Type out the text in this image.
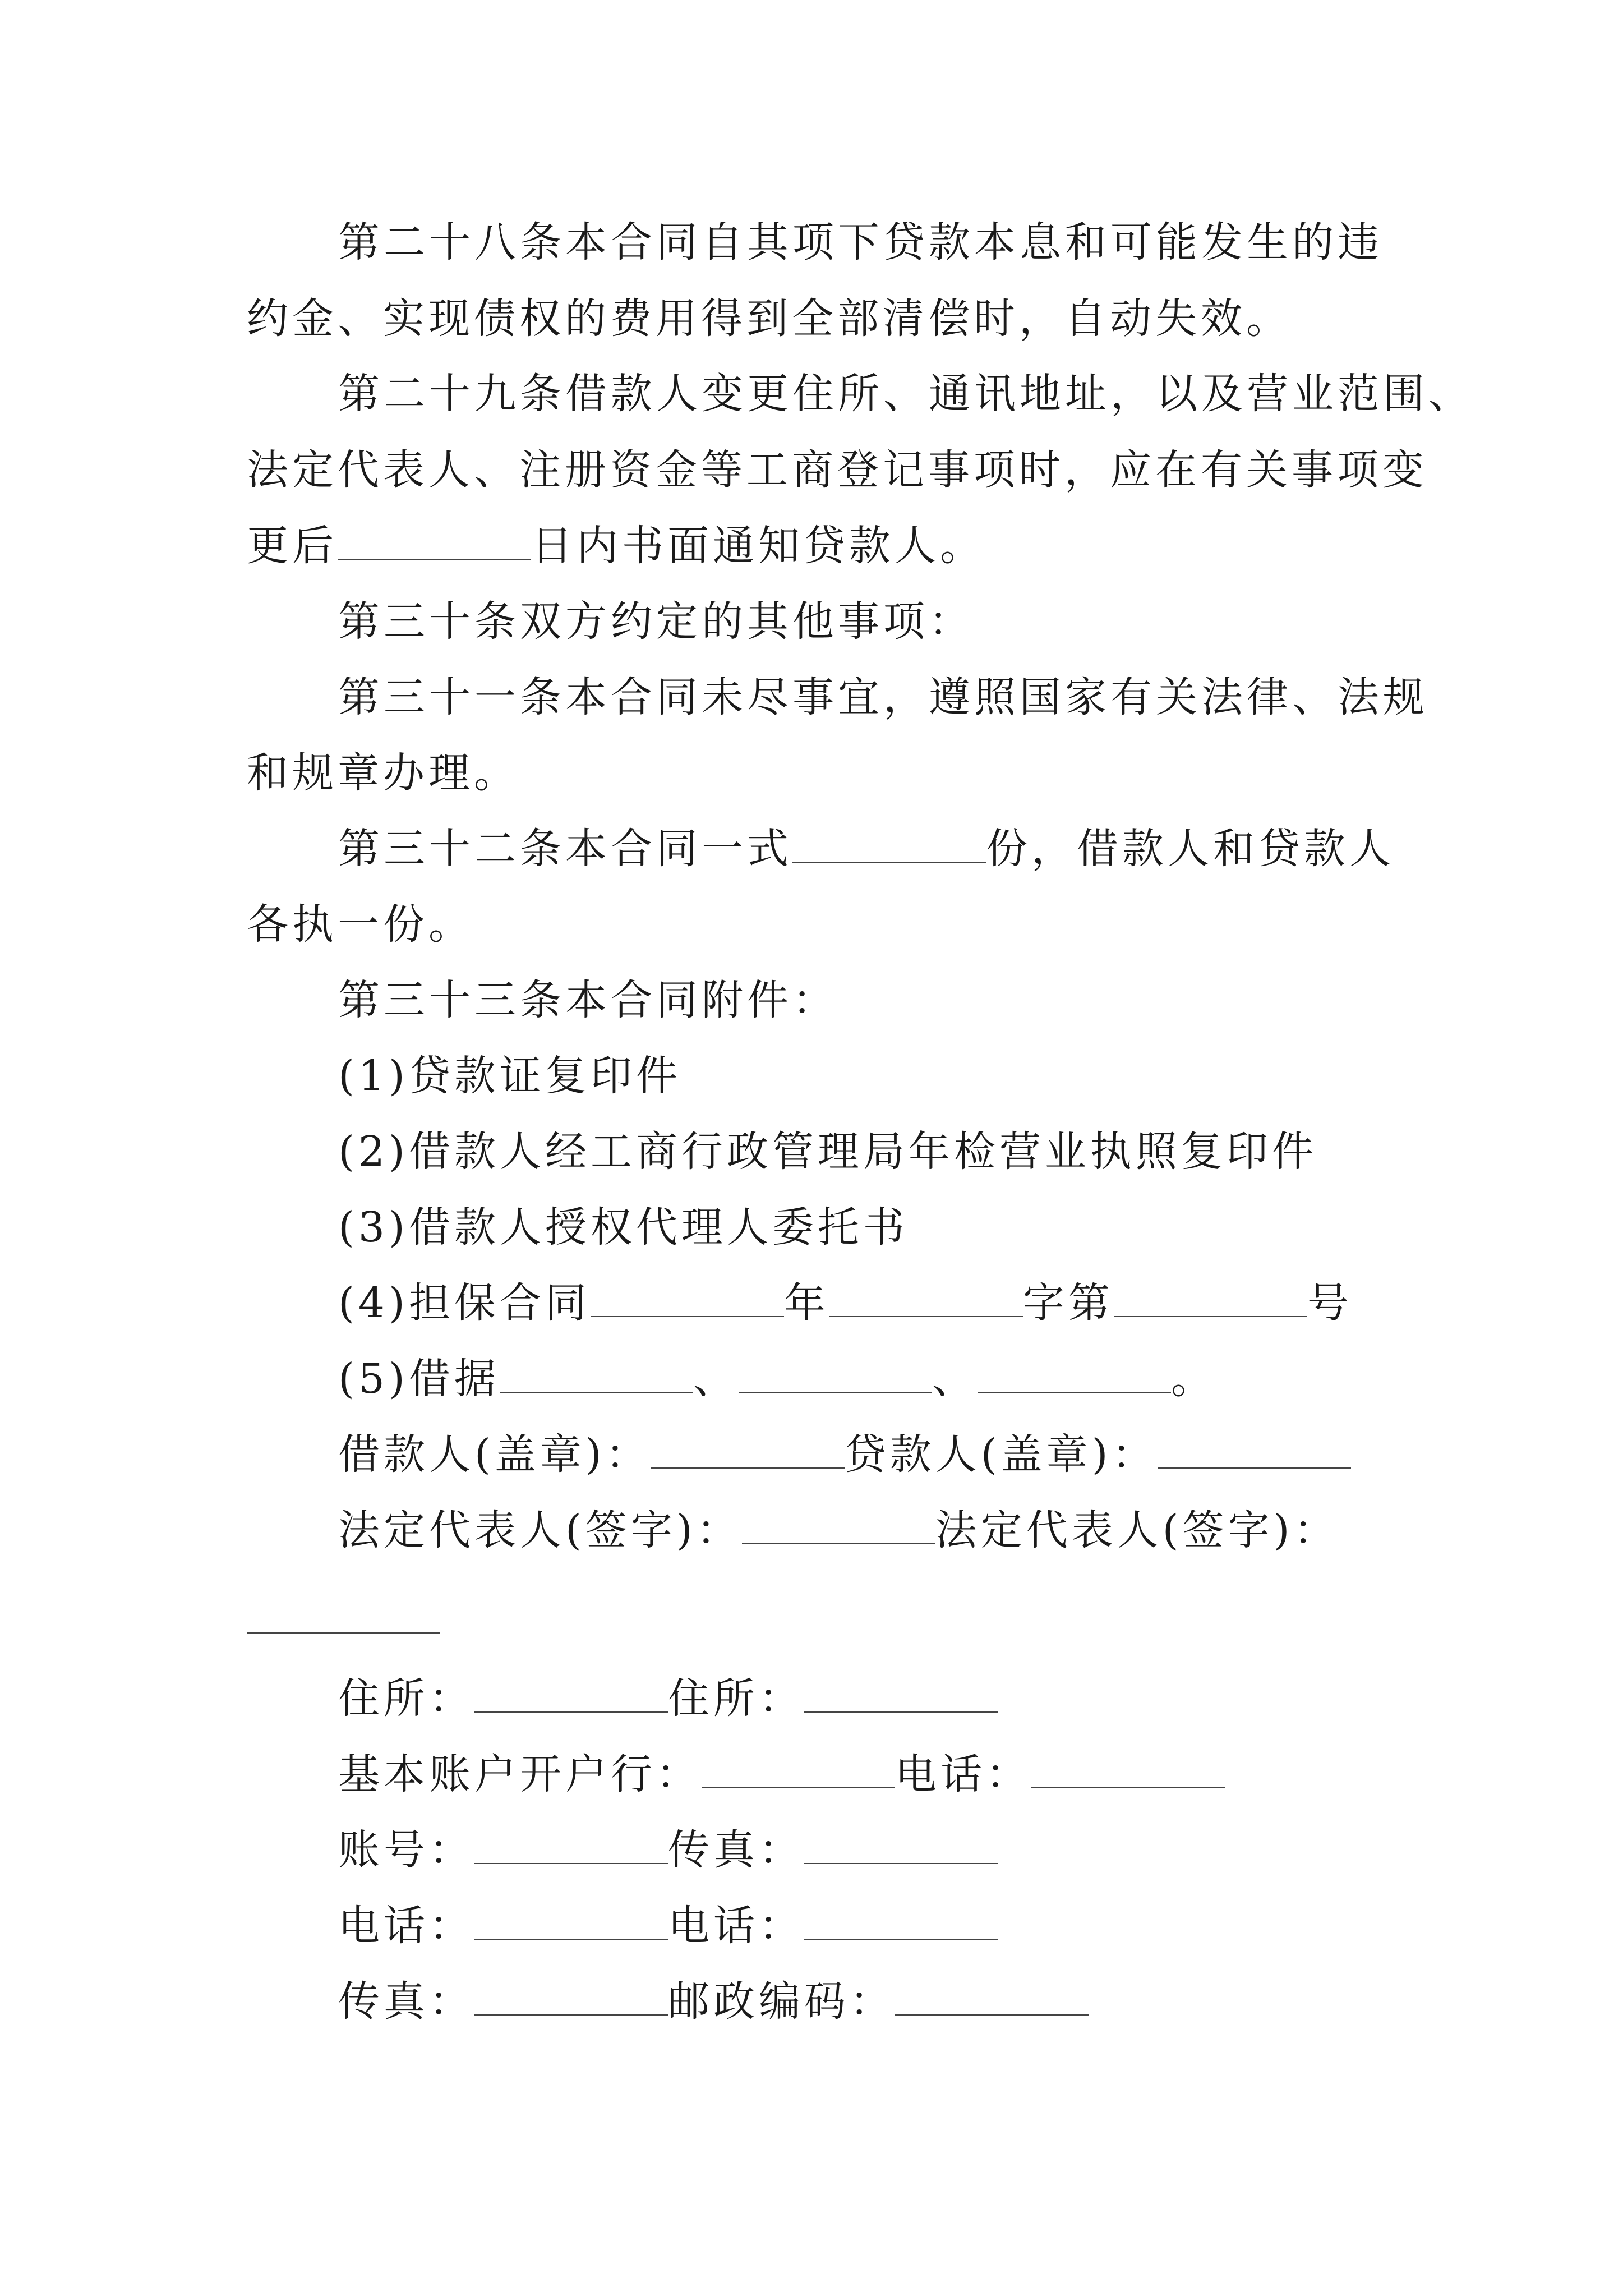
第二十八条本合同自其项下贷款本息和可能发生的违
约金、实现债权的费用得到全部清偿时，自动失效。
第二十九条借款人变更住所、通讯地址，以及营业范围、
法定代表人、注册资金等工商登记事项时，应在有关事项变
更后	日内书面通知贷款人。
第三十条双方约定的其他事项：
第三十一条本合同未尽事宜，遵照国家有关法律、法规
和规章办理。
第三十二条本合同一式	份，借款人和贷款人
各执一份。
第三十三条本合同附件：
(1)贷款证复印件
(2)借款人经工商行政管理局年检营业执照复印件
(3)借款人授权代理人委托书
(4)担保合同	年	字第	号
(5)借据	、	、	。
借款人(盖章)：	贷款人(盖章)：
法定代表人(签字)：	法定代表人(签字)：
住所：	住所：
基本账户开户行：	电话：
账号：	传真：
电话：	电话：
传真：	邮政编码：
